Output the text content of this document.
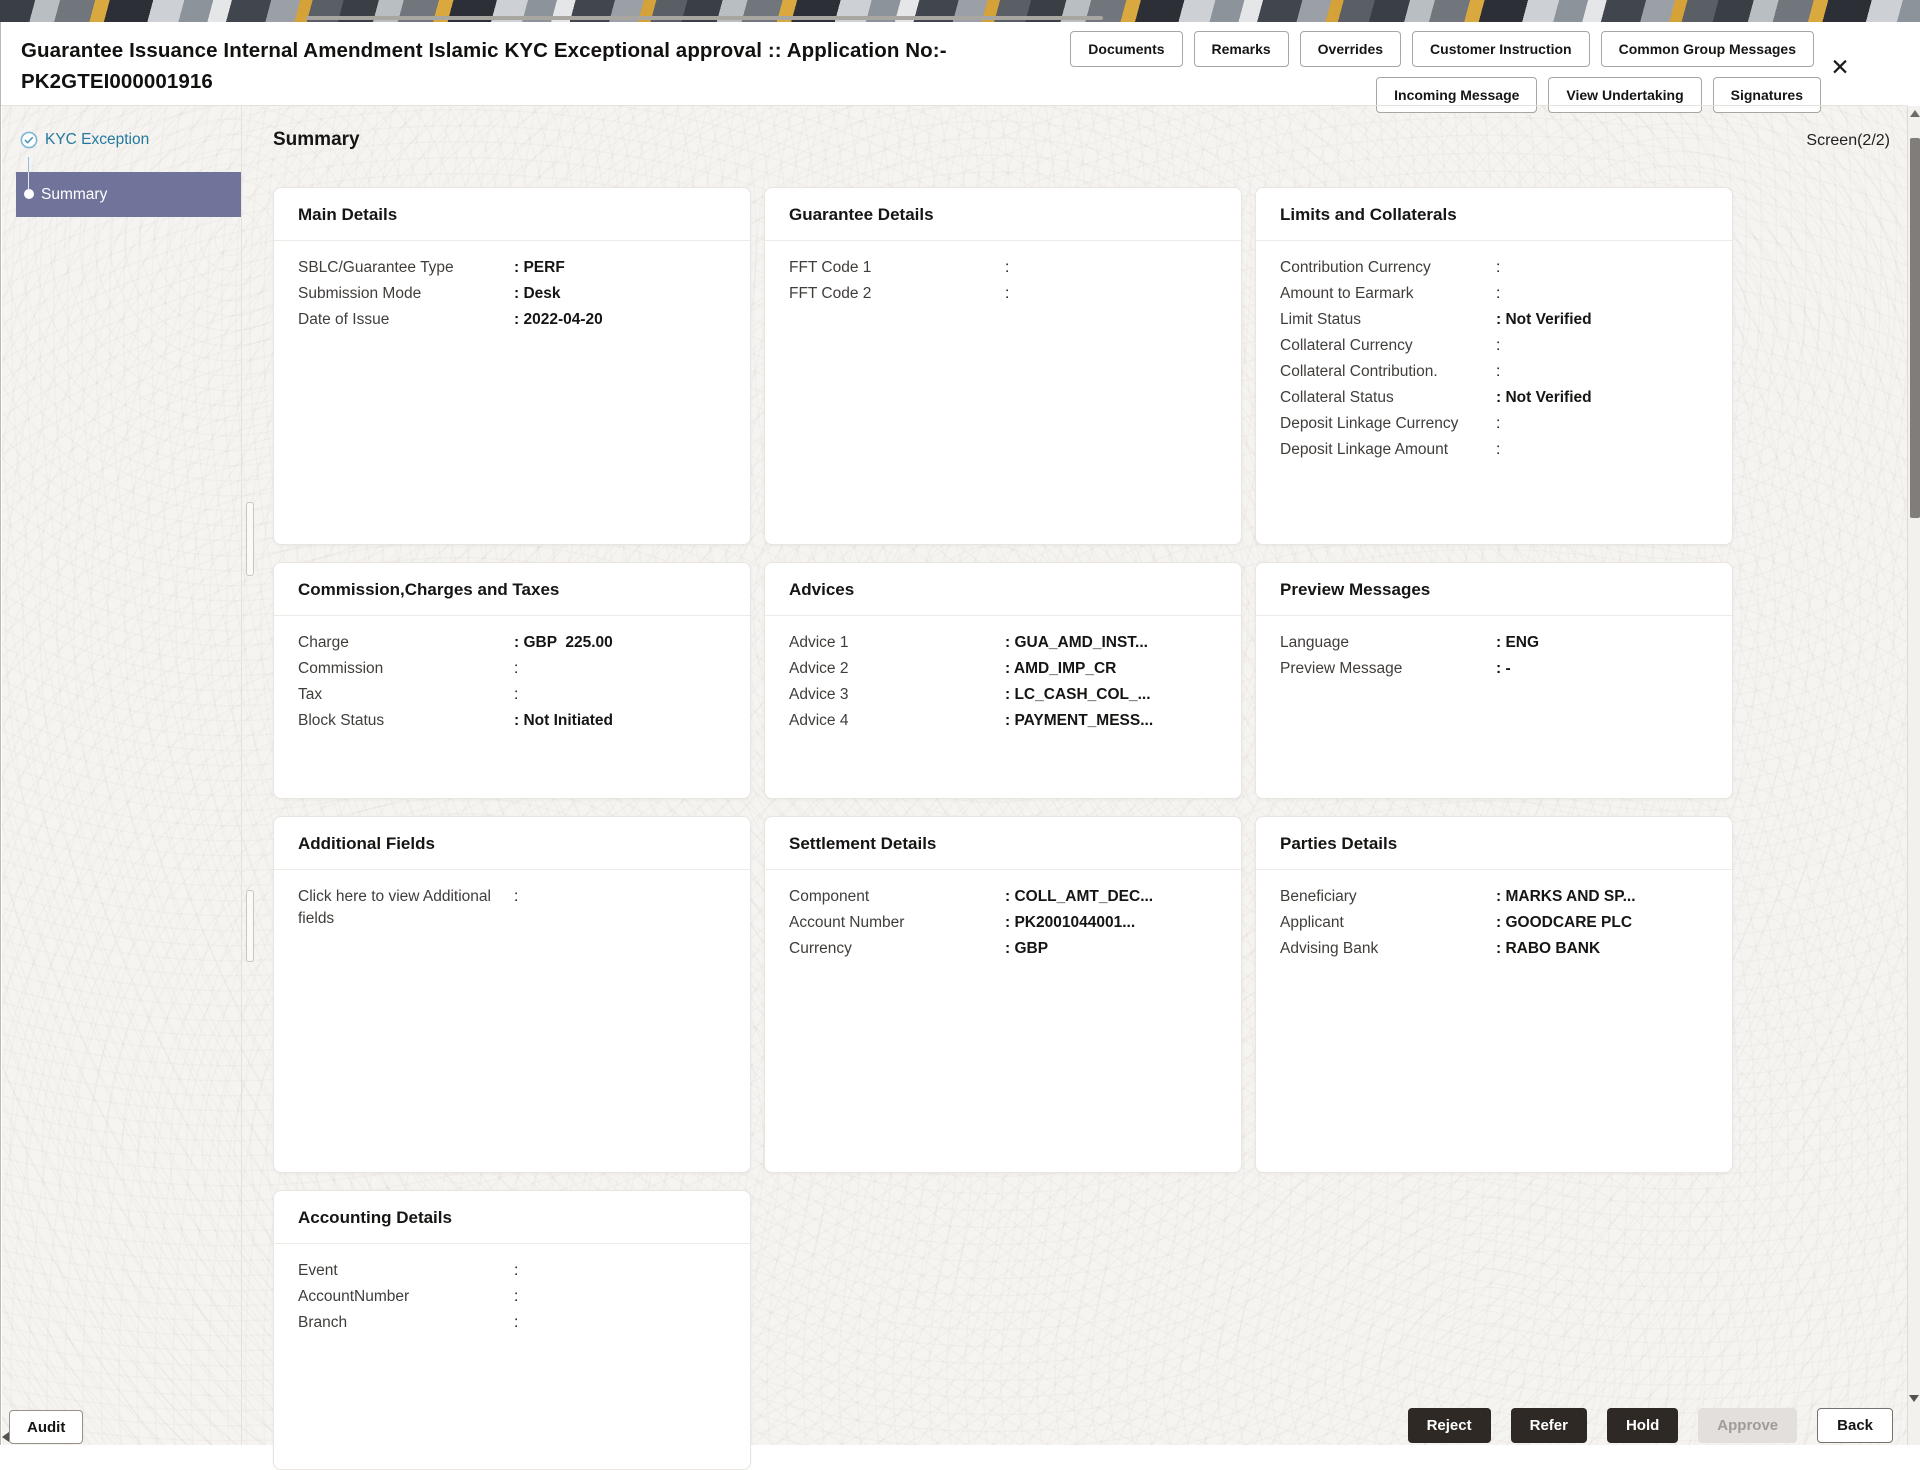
Guarantee Issuance Internal Amendment Islamic KYC Exceptional approval :: Application No:-
PK2GTEI000001916
Documents	Remarks	Overrides	Customer Instruction	Common Group Messages
Incoming Message	View Undertaking	Signatures
✕
KYC Exception
Summary
Summary	Screen(2/2)
Main Details
SBLC/Guarantee Type	: PERF
Submission Mode	: Desk
Date of Issue	: 2022-04-20
Guarantee Details
FFT Code 1	:
FFT Code 2	:
Limits and Collaterals
Contribution Currency	:
Amount to Earmark	:
Limit Status	: Not Verified
Collateral Currency	:
Collateral Contribution.	:
Collateral Status	: Not Verified
Deposit Linkage Currency	:
Deposit Linkage Amount	:
Commission,Charges and Taxes
Charge	: GBP  225.00
Commission	:
Tax	:
Block Status	: Not Initiated
Advices
Advice 1	: GUA_AMD_INST...
Advice 2	: AMD_IMP_CR
Advice 3	: LC_CASH_COL_...
Advice 4	: PAYMENT_MESS...
Preview Messages
Language	: ENG
Preview Message	: -
Additional Fields
Click here to view Additional fields
:
Settlement Details
Component	: COLL_AMT_DEC...
Account Number	: PK2001044001...
Currency	: GBP
Parties Details
Beneficiary	: MARKS AND SP...
Applicant	: GOODCARE PLC
Advising Bank	: RABO BANK
Accounting Details
Event	:
AccountNumber	:
Branch	:
Audit	Reject	Refer	Hold	Approve	Back
